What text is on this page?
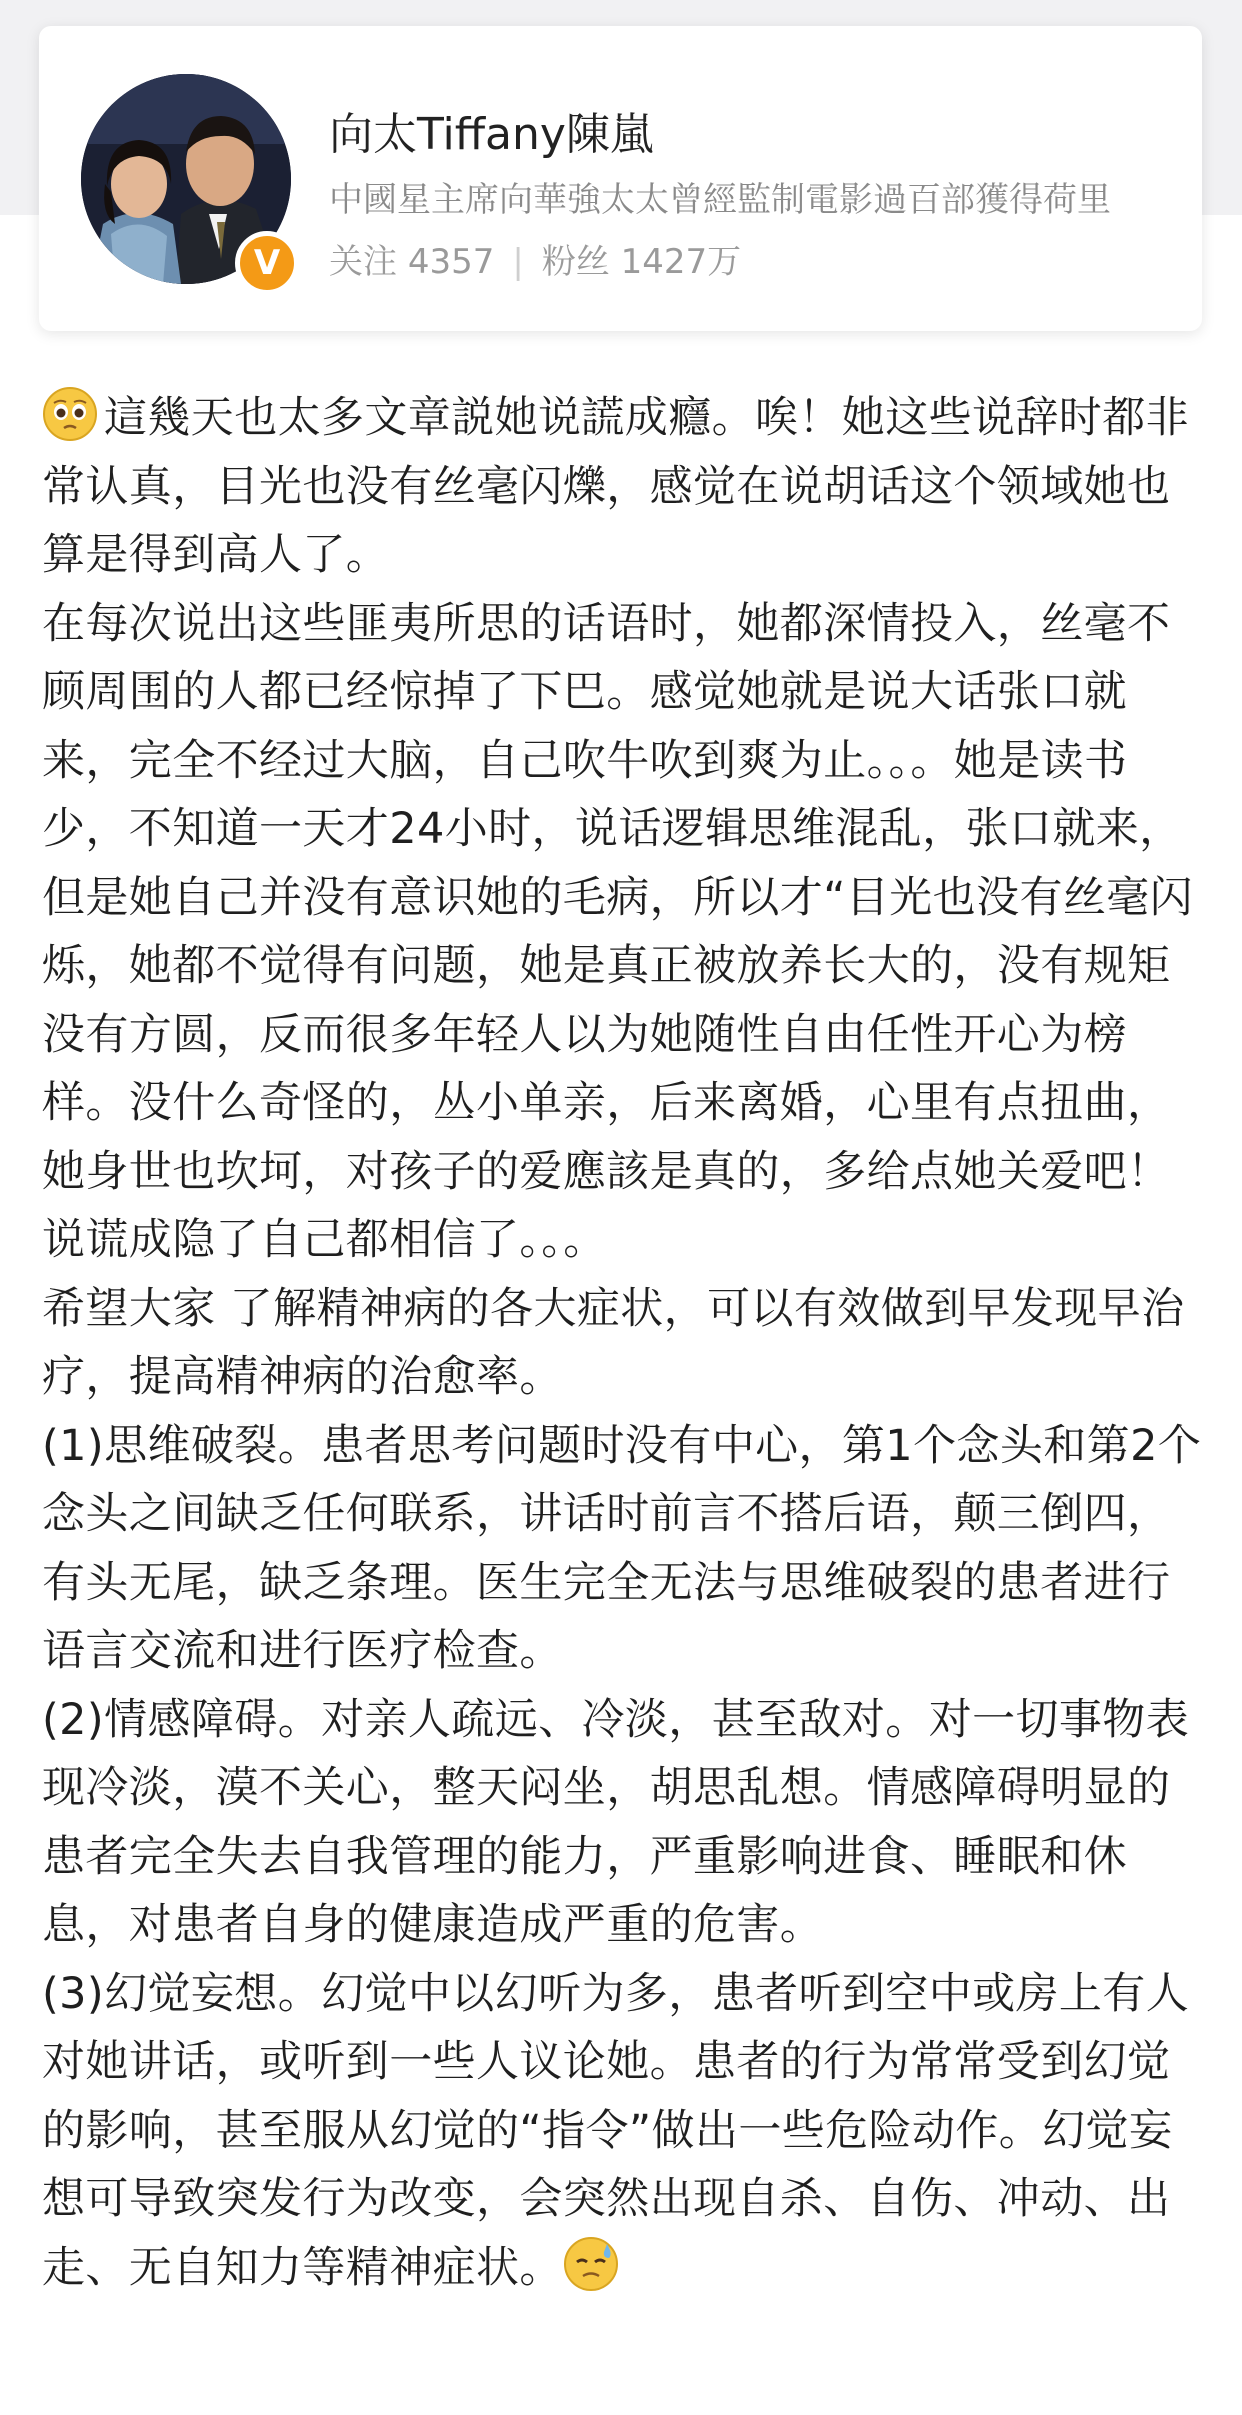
V
向太Tiffany陳嵐
中國星主席向華強太太曾經監制電影過百部獲得荷里
关注 4357 | 粉丝 1427万

這幾天也太多文章説她说謊成癮。唉！她这些说辞时都非常认真，目光也没有丝毫闪爍，感觉在说胡话这个领域她也算是得到高人了。

在每次说出这些匪夷所思的话语时，她都深情投入，丝毫不顾周围的人都已经惊掉了下巴。感觉她就是说大话张口就来，完全不经过大脑，自己吹牛吹到爽为止。。。她是读书少，不知道一天才24小时，说话逻辑思维混乱，张口就来，但是她自己并没有意识她的毛病，所以才“目光也没有丝毫闪烁，她都不觉得有问题，她是真正被放养长大的，没有规矩没有方圆，反而很多年轻人以为她随性自由任性开心为榜样。没什么奇怪的，丛小单亲，后来离婚，心里有点扭曲，她身世也坎坷，对孩子的爱應該是真的，多给点她关爱吧！说谎成隐了自己都相信了。。。

希望大家 了解精神病的各大症状，可以有效做到早发现早治疗，提高精神病的治愈率。

(1)思维破裂。患者思考问题时没有中心，第1个念头和第2个念头之间缺乏任何联系，讲话时前言不搭后语，颠三倒四，有头无尾，缺乏条理。医生完全无法与思维破裂的患者进行语言交流和进行医疗检查。

(2)情感障碍。对亲人疏远、冷淡，甚至敌对。对一切事物表现冷淡，漠不关心，整天闷坐，胡思乱想。情感障碍明显的患者完全失去自我管理的能力，严重影响进食、睡眠和休息，对患者自身的健康造成严重的危害。

(3)幻觉妄想。幻觉中以幻听为多，患者听到空中或房上有人对她讲话，或听到一些人议论她。患者的行为常常受到幻觉的影响，甚至服从幻觉的“指令”做出一些危险动作。幻觉妄想可导致突发行为改变，会突然出现自杀、自伤、冲动、出走、无自知力等精神症状。
